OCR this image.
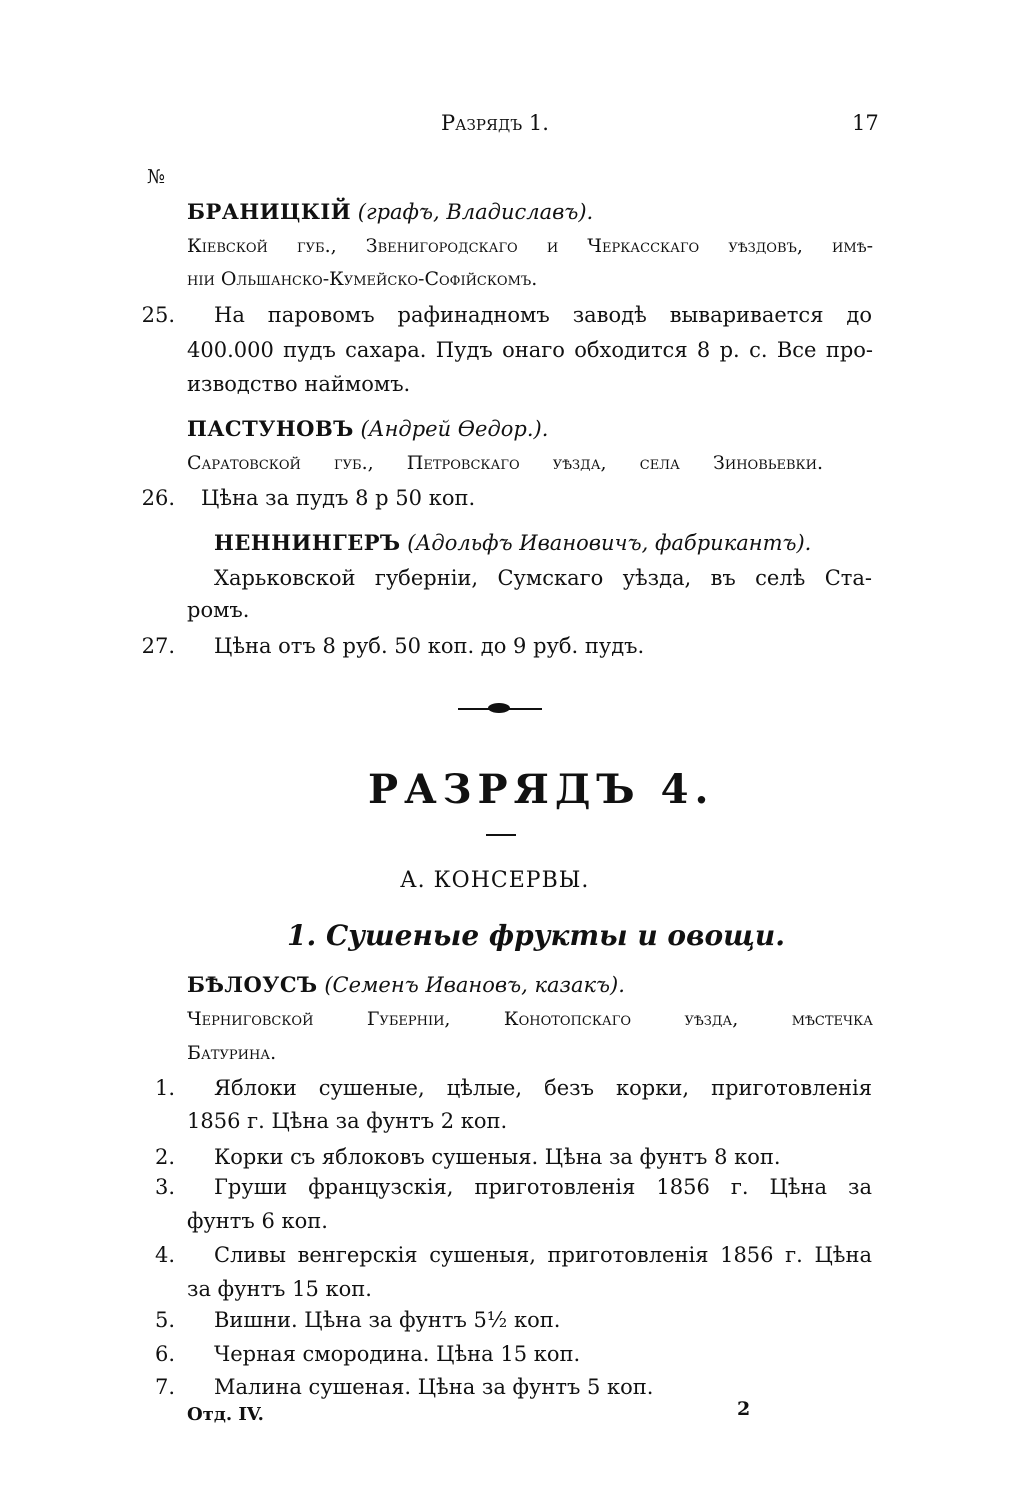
Разрядъ 1.	17
№
БРАНИЦКІЙ (графъ, Владиславъ).
Кіевской губ., Звенигородскаго и Черкасскаго уѣздовъ, имѣ-
ніи Ольшанско-Кумейско-Софійскомъ.
25. На паровомъ рафинадномъ заводѣ вываривается до
400.000 пудъ сахара. Пудъ онаго обходится 8 р. с. Все про-
изводство наймомъ.
ПАСТУНОВЪ (Андрей Ѳедор.).
Саратовской губ., Петровскаго уѣзда, села Зиновьевки.
26. Цѣна за пудъ 8 р 50 коп.
НЕННИНГЕРЪ (Адольфъ Ивановичъ, фабрикантъ).
Харьковской губерніи, Сумскаго уѣзда, въ селѣ Ста-
ромъ.
27. Цѣна отъ 8 руб. 50 коп. до 9 руб. пудъ.
РАЗРЯДЪ 4.
А. КОНСЕРВЫ.
1. Сушеные фрукты и овощи.
БѢЛОУСЪ (Семенъ Ивановъ, казакъ).
Черниговской Губерніи, Конотопскаго уѣзда, мѣстечка
Батурина.
1. Яблоки сушеные, цѣлые, безъ корки, приготовленія
1856 г. Цѣна за фунтъ 2 коп.
2. Корки съ яблоковъ сушеныя. Цѣна за фунтъ 8 коп.
3. Груши французскія, приготовленія 1856 г. Цѣна за
фунтъ 6 коп.
4. Сливы венгерскія сушеныя, приготовленія 1856 г. Цѣна
за фунтъ 15 коп.
5. Вишни. Цѣна за фунтъ 5½ коп.
6. Черная смородина. Цѣна 15 коп.
7. Малина сушеная. Цѣна за фунтъ 5 коп.
Отд. IV.	2
